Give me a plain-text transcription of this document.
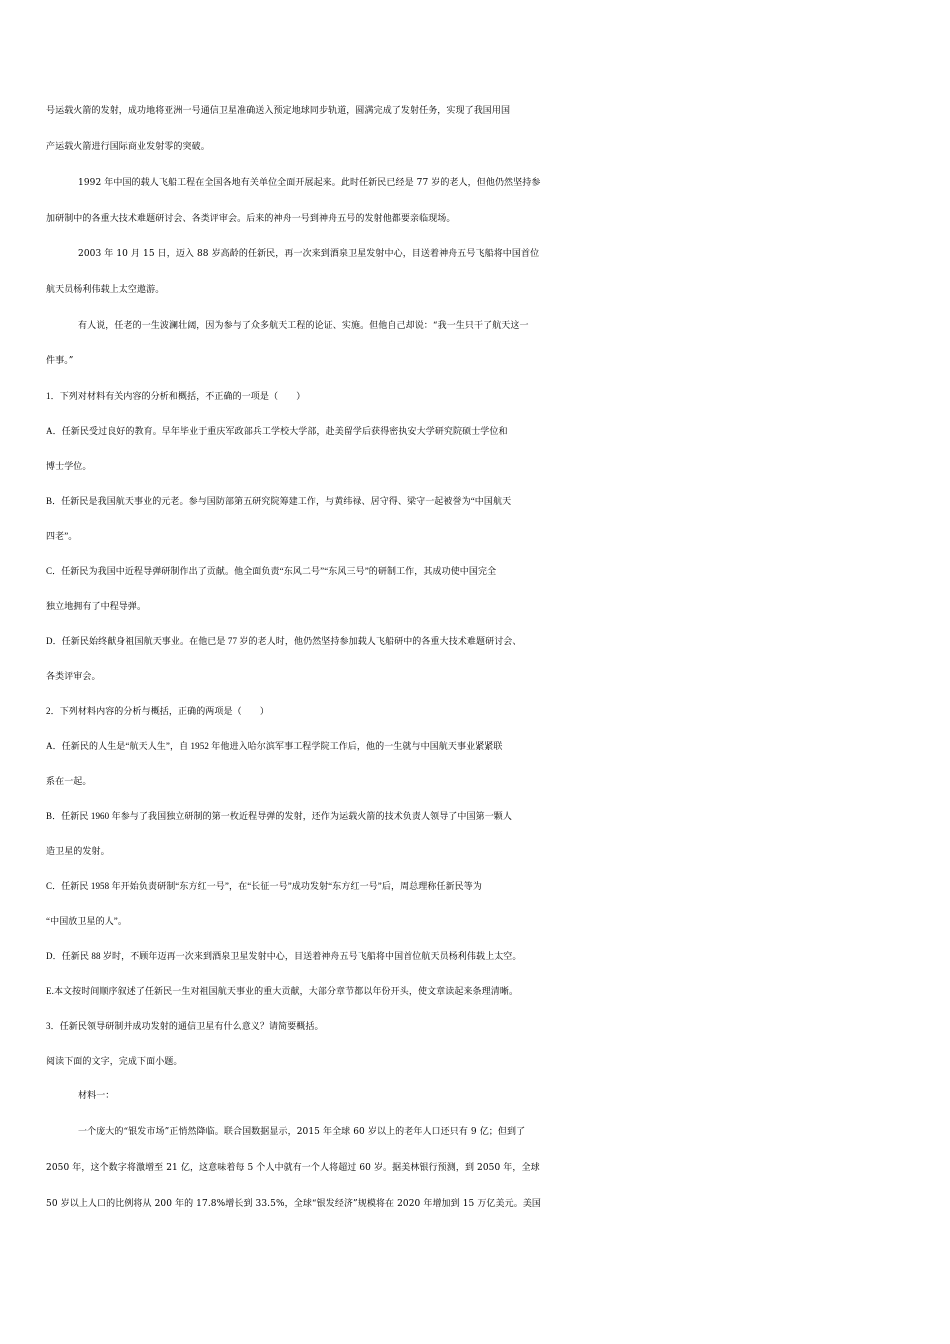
号运载火箭的发射，成功地将亚洲一号通信卫星准确送入预定地球同步轨道，圆满完成了发射任务，实现了我国用国
产运载火箭进行国际商业发射零的突破。
1992 年中国的载人飞船工程在全国各地有关单位全面开展起来。此时任新民已经是 77 岁的老人，但他仍然坚持参
加研制中的各重大技术难题研讨会、各类评审会。后来的神舟一号到神舟五号的发射他都要亲临现场。
2003 年 10 月 15 日，迈入 88 岁高龄的任新民，再一次来到酒泉卫星发射中心，目送着神舟五号飞船将中国首位
航天员杨利伟载上太空遨游。
有人说，任老的一生波澜壮阔，因为参与了众多航天工程的论证、实施。但他自己却说：“我一生只干了航天这一
件事。”
1．下列对材料有关内容的分析和概括，不正确的一项是（　　）
A．任新民受过良好的教育。早年毕业于重庆军政部兵工学校大学部，赴美留学后获得密执安大学研究院硕士学位和
博士学位。
B．任新民是我国航天事业的元老。参与国防部第五研究院筹建工作，与黄纬禄、居守得、梁守一起被誉为“中国航天
四老”。
C．任新民为我国中近程导弹研制作出了贡献。他全面负责“东风二号”“东风三号”的研制工作，其成功使中国完全
独立地拥有了中程导弹。
D．任新民始终献身祖国航天事业。在他已是 77 岁的老人时，他仍然坚持参加载人飞船研中的各重大技术难题研讨会、
各类评审会。
2．下列材料内容的分析与概括，正确的两项是（　　）
A．任新民的人生是“航天人生”，自 1952 年他进入哈尔滨军事工程学院工作后，他的一生就与中国航天事业紧紧联
系在一起。
B．任新民 1960 年参与了我国独立研制的第一枚近程导弹的发射，还作为运载火箭的技术负责人领导了中国第一颗人
造卫星的发射。
C．任新民 1958 年开始负责研制“东方红一号”，在“长征一号”成功发射“东方红一号”后，周总理称任新民等为
“中国放卫星的人”。
D．任新民 88 岁时，不顾年迈再一次来到酒泉卫星发射中心，目送着神舟五号飞船将中国首位航天员杨利伟载上太空。
E.本文按时间顺序叙述了任新民一生对祖国航天事业的重大贡献，大部分章节都以年份开头，使文章读起来条理清晰。
3．任新民领导研制并成功发射的通信卫星有什么意义？请简要概括。
阅读下面的文字，完成下面小题。
材料一：
一个庞大的“银发市场”正悄然降临。联合国数据显示，2015 年全球 60 岁以上的老年人口还只有 9 亿；但到了
2050 年，这个数字将激增至 21 亿，这意味着每 5 个人中就有一个人将超过 60 岁。据美林银行预测，到 2050 年，全球
50 岁以上人口的比例将从 200 年的 17.8%增长到 33.5%，全球“银发经济”规模将在 2020 年增加到 15 万亿美元。美国
